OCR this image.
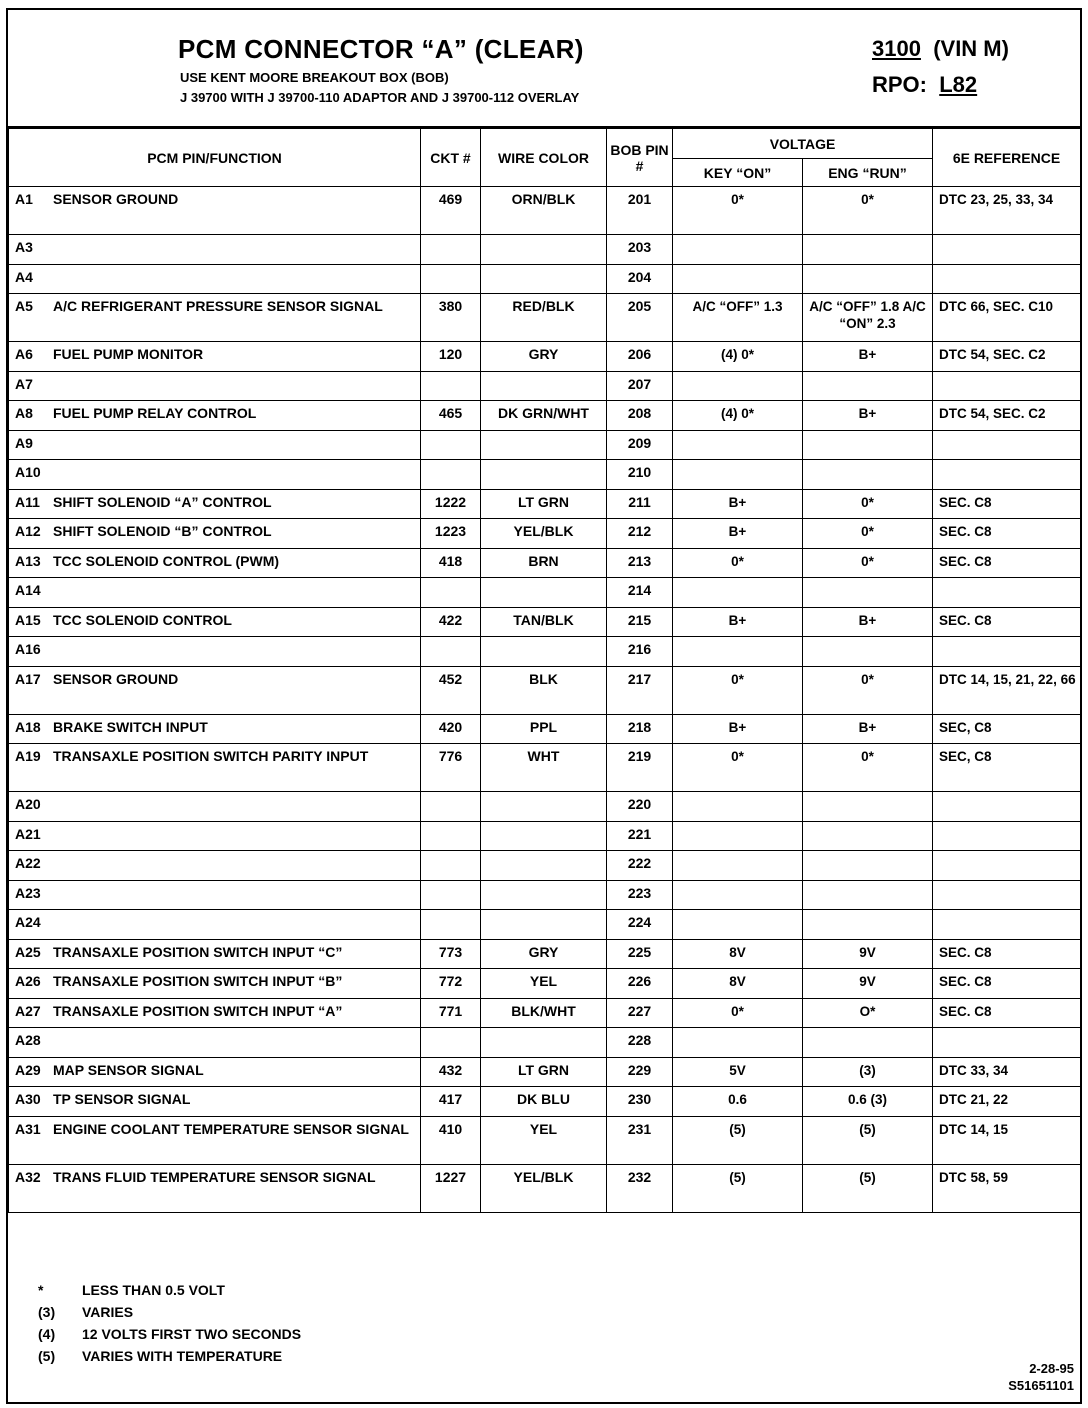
PCM CONNECTOR “A” (CLEAR)
USE KENT MOORE BREAKOUT BOX (BOB)
J 39700 WITH J 39700-110 ADAPTOR AND J 39700-112 OVERLAY
3100 (VIN M)
RPO: L82
PCM PIN/FUNCTION	CKT #	WIRE COLOR	BOB PIN #	VOLTAGE		6E REFERENCE
				KEY “ON”	ENG “RUN”	
A1 SENSOR GROUND	469	ORN/BLK	201	0*	0*	DTC 23, 25, 33, 34
A3			203			
A4			204			
A5 A/C REFRIGERANT PRESSURE SENSOR SIGNAL	380	RED/BLK	205	A/C “OFF” 1.3	A/C “OFF” 1.8 A/C “ON” 2.3	DTC 66, SEC. C10
A6 FUEL PUMP MONITOR	120	GRY	206	(4) 0*	B+	DTC 54, SEC. C2
A7			207			
A8 FUEL PUMP RELAY CONTROL	465	DK GRN/WHT	208	(4) 0*	B+	DTC 54, SEC. C2
A9			209			
A10			210			
A11 SHIFT SOLENOID “A” CONTROL	1222	LT GRN	211	B+	0*	SEC. C8
A12 SHIFT SOLENOID “B” CONTROL	1223	YEL/BLK	212	B+	0*	SEC. C8
A13 TCC SOLENOID CONTROL (PWM)	418	BRN	213	0*	0*	SEC. C8
A14			214			
A15 TCC SOLENOID CONTROL	422	TAN/BLK	215	B+	B+	SEC. C8
A16			216			
A17 SENSOR GROUND	452	BLK	217	0*	0*	DTC 14, 15, 21, 22, 66
A18 BRAKE SWITCH INPUT	420	PPL	218	B+	B+	SEC, C8
A19 TRANSAXLE POSITION SWITCH PARITY INPUT	776	WHT	219	0*	0*	SEC, C8
A20			220			
A21			221			
A22			222			
A23			223			
A24			224			
A25 TRANSAXLE POSITION SWITCH INPUT “C”	773	GRY	225	8V	9V	SEC. C8
A26 TRANSAXLE POSITION SWITCH INPUT “B”	772	YEL	226	8V	9V	SEC. C8
A27 TRANSAXLE POSITION SWITCH INPUT “A”	771	BLK/WHT	227	0*	O*	SEC. C8
A28			228			
A29 MAP SENSOR SIGNAL	432	LT GRN	229	5V	(3)	DTC 33, 34
A30 TP SENSOR SIGNAL	417	DK BLU	230	0.6	0.6 (3)	DTC 21, 22
A31 ENGINE COOLANT TEMPERATURE SENSOR SIGNAL	410	YEL	231	(5)	(5)	DTC 14, 15
A32 TRANS FLUID TEMPERATURE SENSOR SIGNAL	1227	YEL/BLK	232	(5)	(5)	DTC 58, 59
*	LESS THAN 0.5 VOLT
(3) VARIES
(4) 12 VOLTS FIRST TWO SECONDS
(5) VARIES WITH TEMPERATURE
2-28-95
S51651101
